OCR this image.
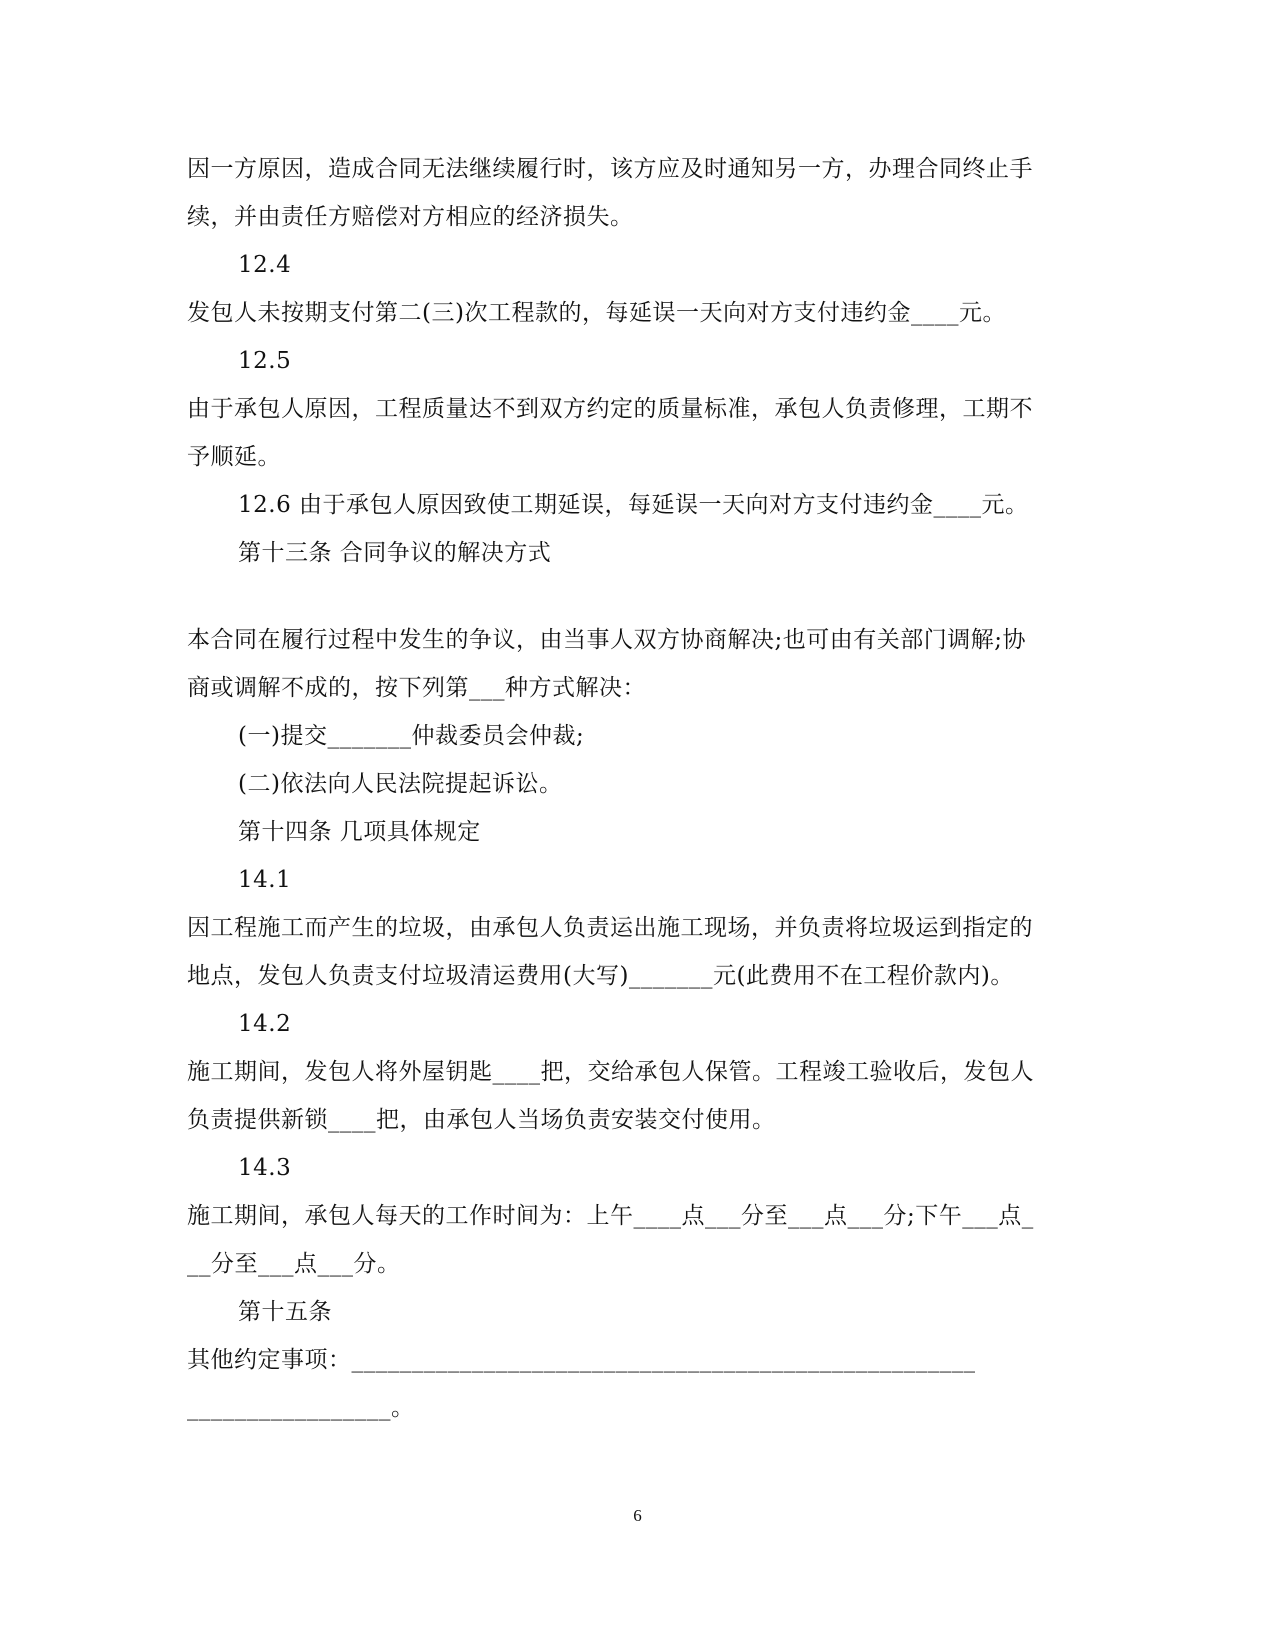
因一方原因，造成合同无法继续履行时，该方应及时通知另一方，办理合同终止手
续，并由责任方赔偿对方相应的经济损失。
12.4
发包人未按期支付第二(三)次工程款的，每延误一天向对方支付违约金____元。
12.5
由于承包人原因，工程质量达不到双方约定的质量标准，承包人负责修理，工期不
予顺延。
12.6 由于承包人原因致使工期延误，每延误一天向对方支付违约金____元。
第十三条 合同争议的解决方式
本合同在履行过程中发生的争议，由当事人双方协商解决;也可由有关部门调解;协
商或调解不成的，按下列第___种方式解决：
(一)提交_______仲裁委员会仲裁;
(二)依法向人民法院提起诉讼。
第十四条 几项具体规定
14.1
因工程施工而产生的垃圾，由承包人负责运出施工现场，并负责将垃圾运到指定的
地点，发包人负责支付垃圾清运费用(大写)_______元(此费用不在工程价款内)。
14.2
施工期间，发包人将外屋钥匙____把，交给承包人保管。工程竣工验收后，发包人
负责提供新锁____把，由承包人当场负责安装交付使用。
14.3
施工期间，承包人每天的工作时间为：上午____点___分至___点___分;下午___点_
__分至___点___分。
第十五条
其他约定事项：____________________________________________________
_________________。
6
